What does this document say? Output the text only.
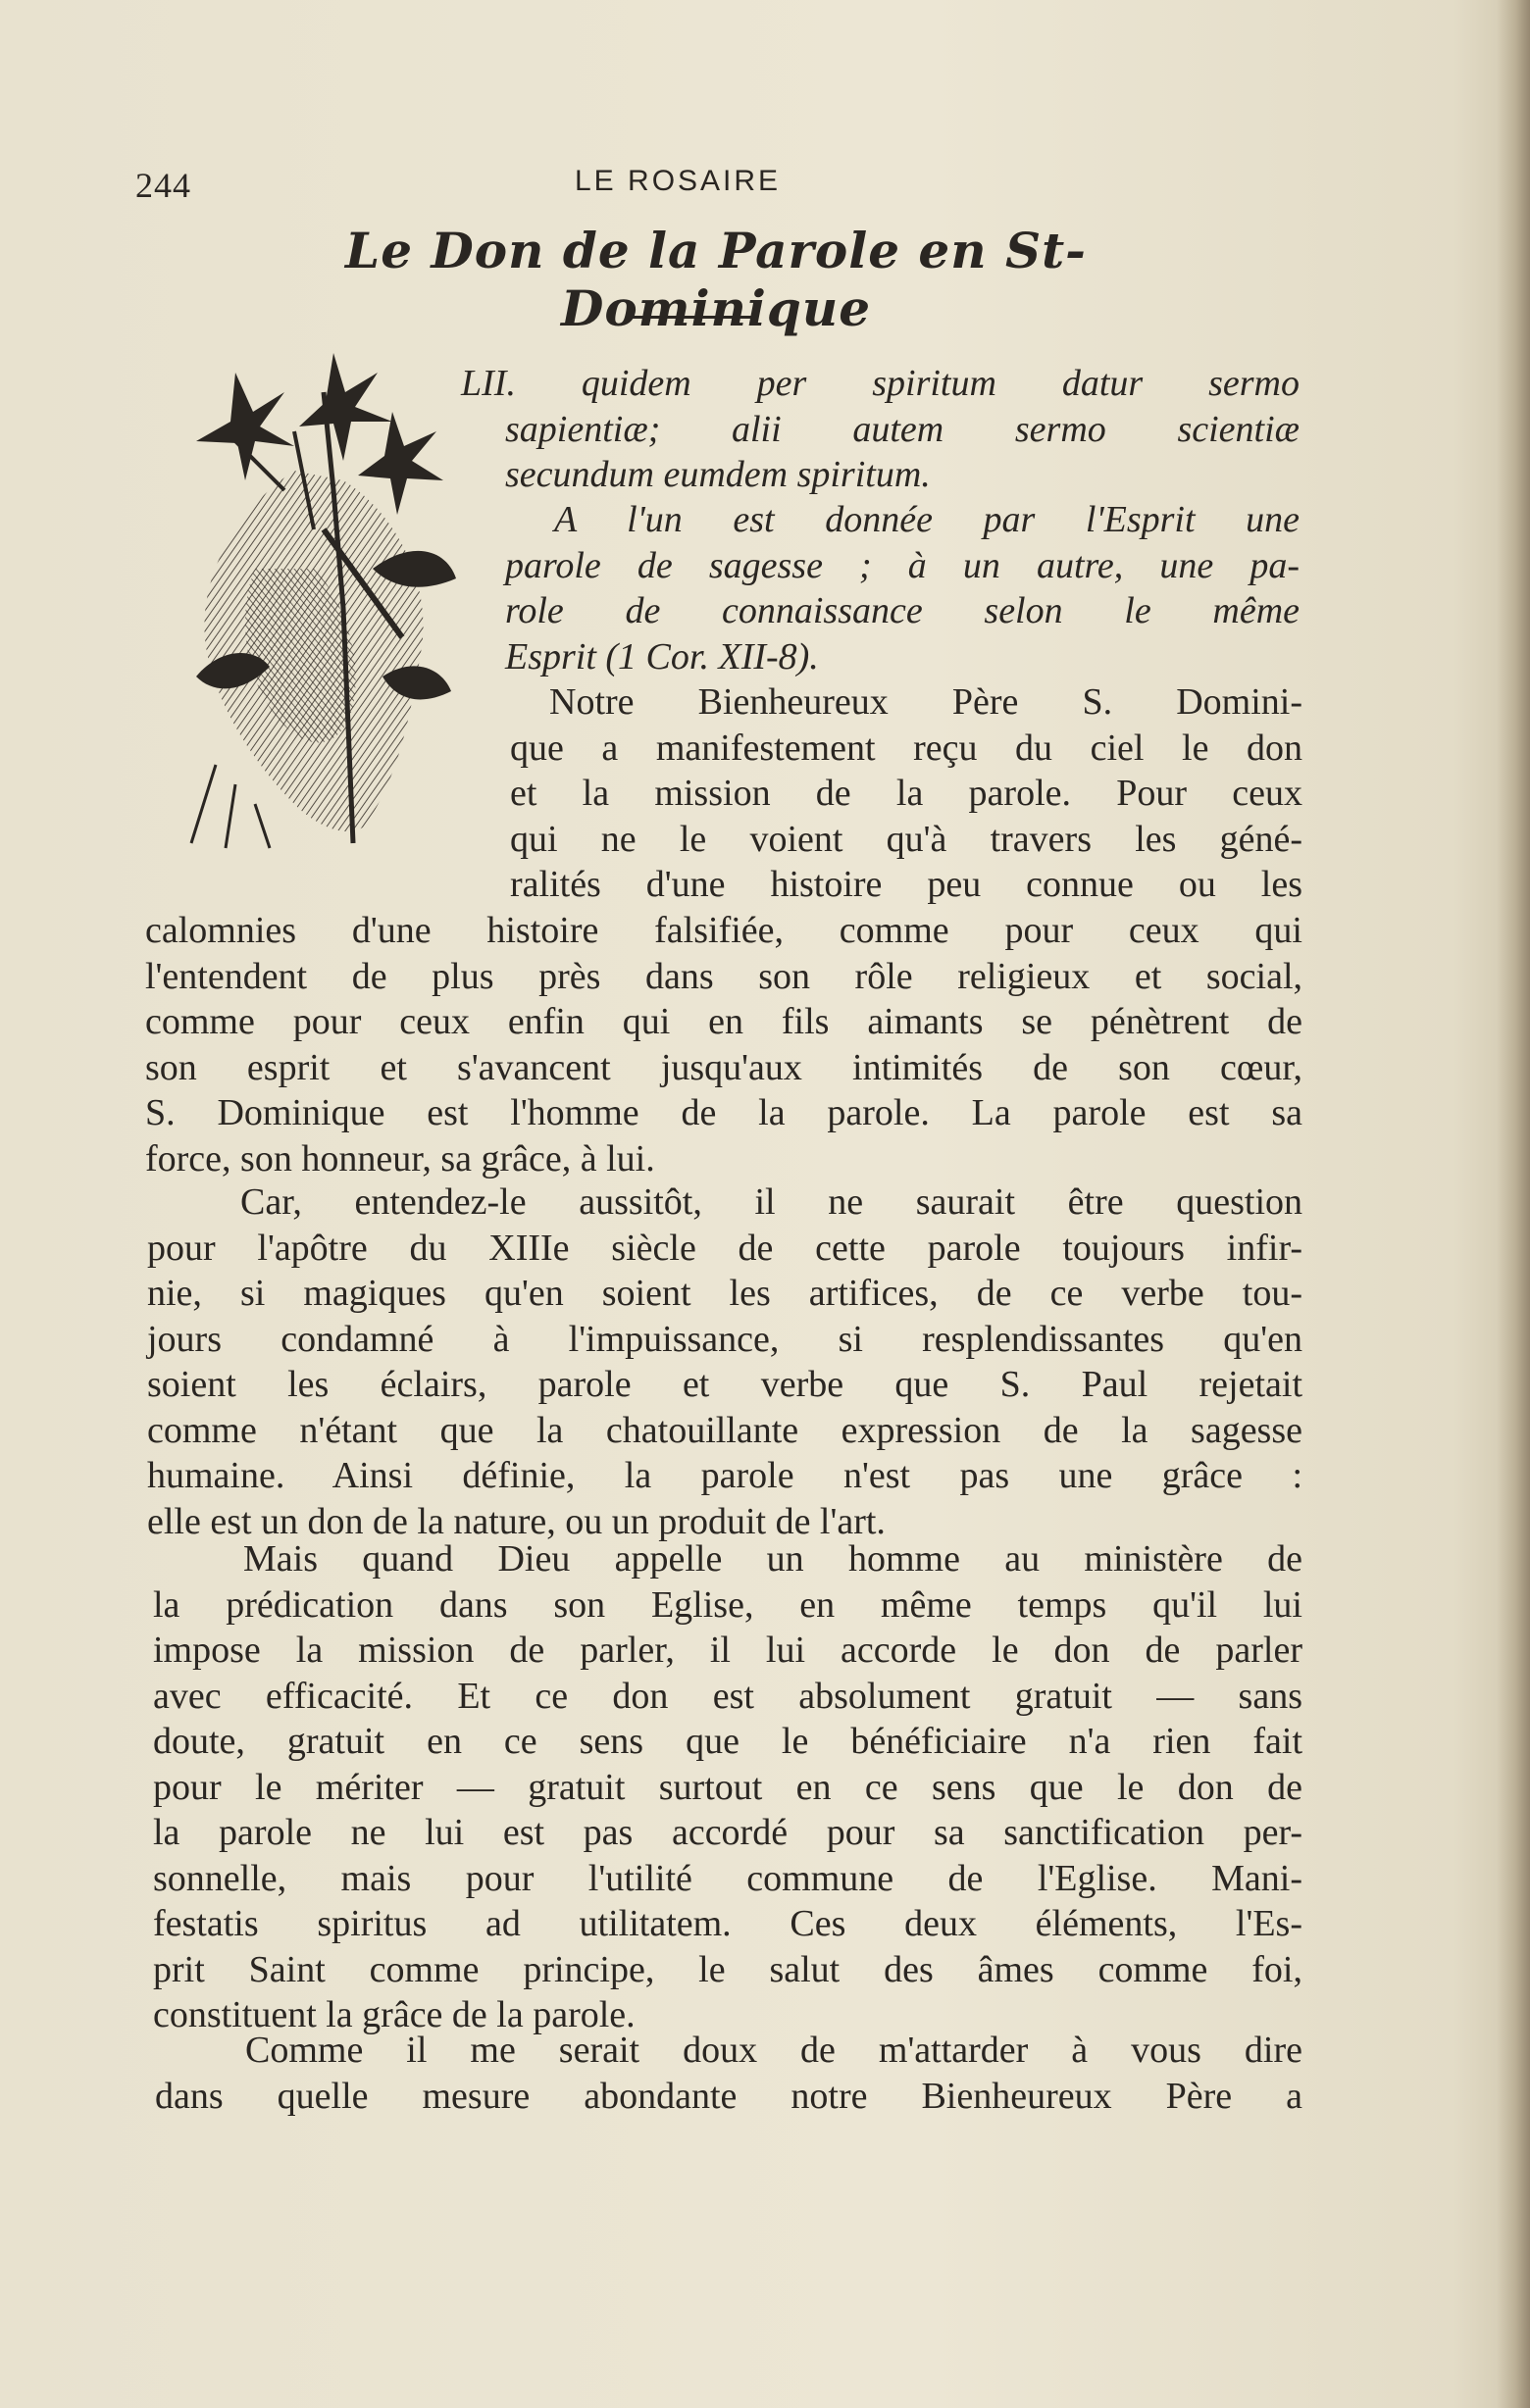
244	LE ROSAIRE
Le Don de la Parole en St-Dominique
LII. quidem per spiritum datur sermo
sapientiæ; alii autem sermo scientiæ
secundum eumdem spiritum.
A l'un est donnée par l'Esprit une
parole de sagesse ; à un autre, une pa-
role de connaissance selon le même
Esprit (1 Cor. XII-8).
Notre Bienheureux Père S. Domini-
que a manifestement reçu du ciel le don
et la mission de la parole. Pour ceux
qui ne le voient qu'à travers les géné-
ralités d'une histoire peu connue ou les
calomnies d'une histoire falsifiée, comme pour ceux qui
l'entendent de plus près dans son rôle religieux et social,
comme pour ceux enfin qui en fils aimants se pénètrent de
son esprit et s'avancent jusqu'aux intimités de son cœur,
S. Dominique est l'homme de la parole. La parole est sa
force, son honneur, sa grâce, à lui.
Car, entendez-le aussitôt, il ne saurait être question
pour l'apôtre du XIIIe siècle de cette parole toujours infir-
nie, si magiques qu'en soient les artifices, de ce verbe tou-
jours condamné à l'impuissance, si resplendissantes qu'en
soient les éclairs, parole et verbe que S. Paul rejetait
comme n'étant que la chatouillante expression de la sagesse
humaine. Ainsi définie, la parole n'est pas une grâce :
elle est un don de la nature, ou un produit de l'art.
Mais quand Dieu appelle un homme au ministère de
la prédication dans son Eglise, en même temps qu'il lui
impose la mission de parler, il lui accorde le don de parler
avec efficacité. Et ce don est absolument gratuit — sans
doute, gratuit en ce sens que le bénéficiaire n'a rien fait
pour le mériter — gratuit surtout en ce sens que le don de
la parole ne lui est pas accordé pour sa sanctification per-
sonnelle, mais pour l'utilité commune de l'Eglise. Mani-
festatis spiritus ad utilitatem. Ces deux éléments, l'Es-
prit Saint comme principe, le salut des âmes comme foi,
constituent la grâce de la parole.
Comme il me serait doux de m'attarder à vous dire
dans quelle mesure abondante notre Bienheureux Père a
